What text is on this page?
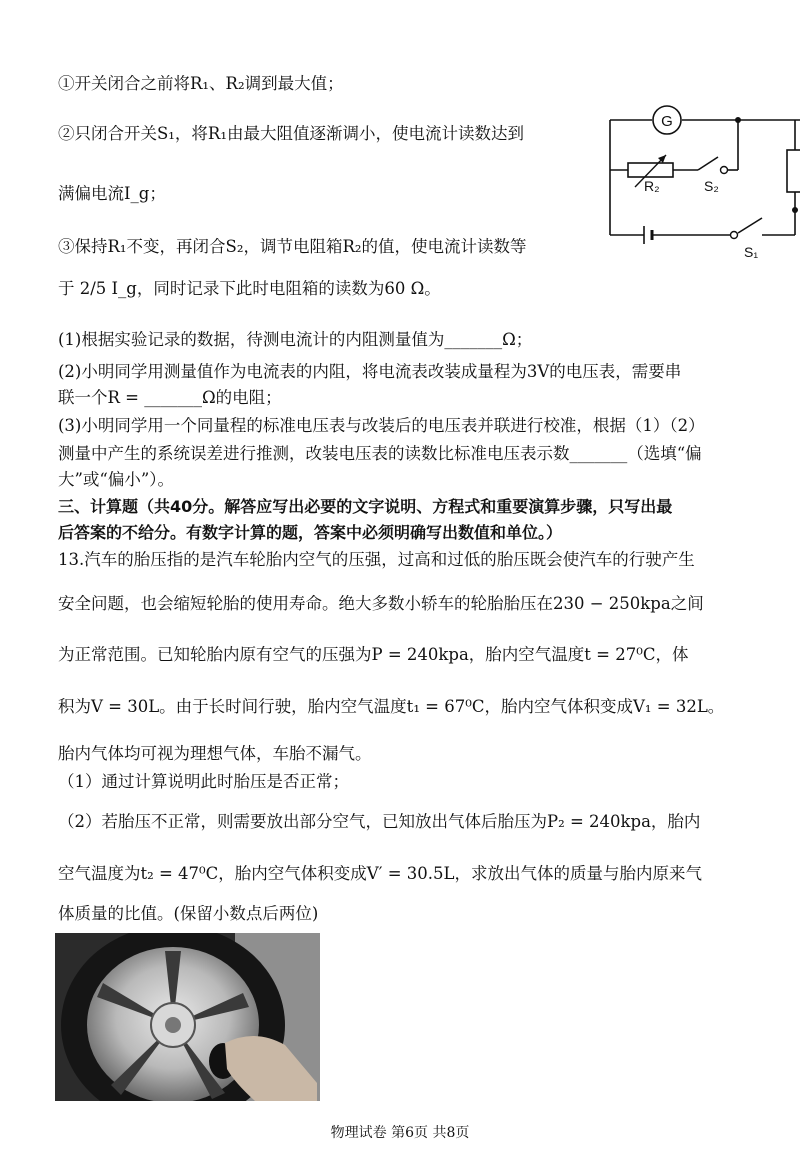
①开关闭合之前将R₁、R₂调到最大值；
②只闭合开关S₁，将R₁由最大阻值逐渐调小，使电流计读数达到
满偏电流I_g；
③保持R₁不变，再闭合S₂，调节电阻箱R₂的值，使电流计读数等
于 2/5 I_g，同时记录下此时电阻箱的读数为60 Ω。
(1)根据实验记录的数据，待测电流计的内阻测量值为_______Ω；
(2)小明同学用测量值作为电流表的内阻，将电流表改装成量程为3V的电压表，需要串
联一个R = _______Ω的电阻；
(3)小明同学用一个同量程的标准电压表与改装后的电压表并联进行校准，根据（1）（2）
测量中产生的系统误差进行推测，改装电压表的读数比标准电压表示数_______（选填“偏
大”或“偏小”）。
三、计算题（共40分。解答应写出必要的文字说明、方程式和重要演算步骤，只写出最
后答案的不给分。有数字计算的题，答案中必须明确写出数值和单位。）
13.汽车的胎压指的是汽车轮胎内空气的压强，过高和过低的胎压既会使汽车的行驶产生
安全问题，也会缩短轮胎的使用寿命。绝大多数小轿车的轮胎胎压在230 − 250kpa之间
为正常范围。已知轮胎内原有空气的压强为P = 240kpa，胎内空气温度t = 27⁰C，体
积为V = 30L。由于长时间行驶，胎内空气温度t₁ = 67⁰C，胎内空气体积变成V₁ = 32L。
胎内气体均可视为理想气体，车胎不漏气。
（1）通过计算说明此时胎压是否正常；
（2）若胎压不正常，则需要放出部分空气，已知放出气体后胎压为P₂ = 240kpa，胎内
空气温度为t₂ = 47⁰C，胎内空气体积变成V′ = 30.5L，求放出气体的质量与胎内原来气
体质量的比值。(保留小数点后两位)
G
R₂	S₂
S₁
物理试卷 第6页 共8页
